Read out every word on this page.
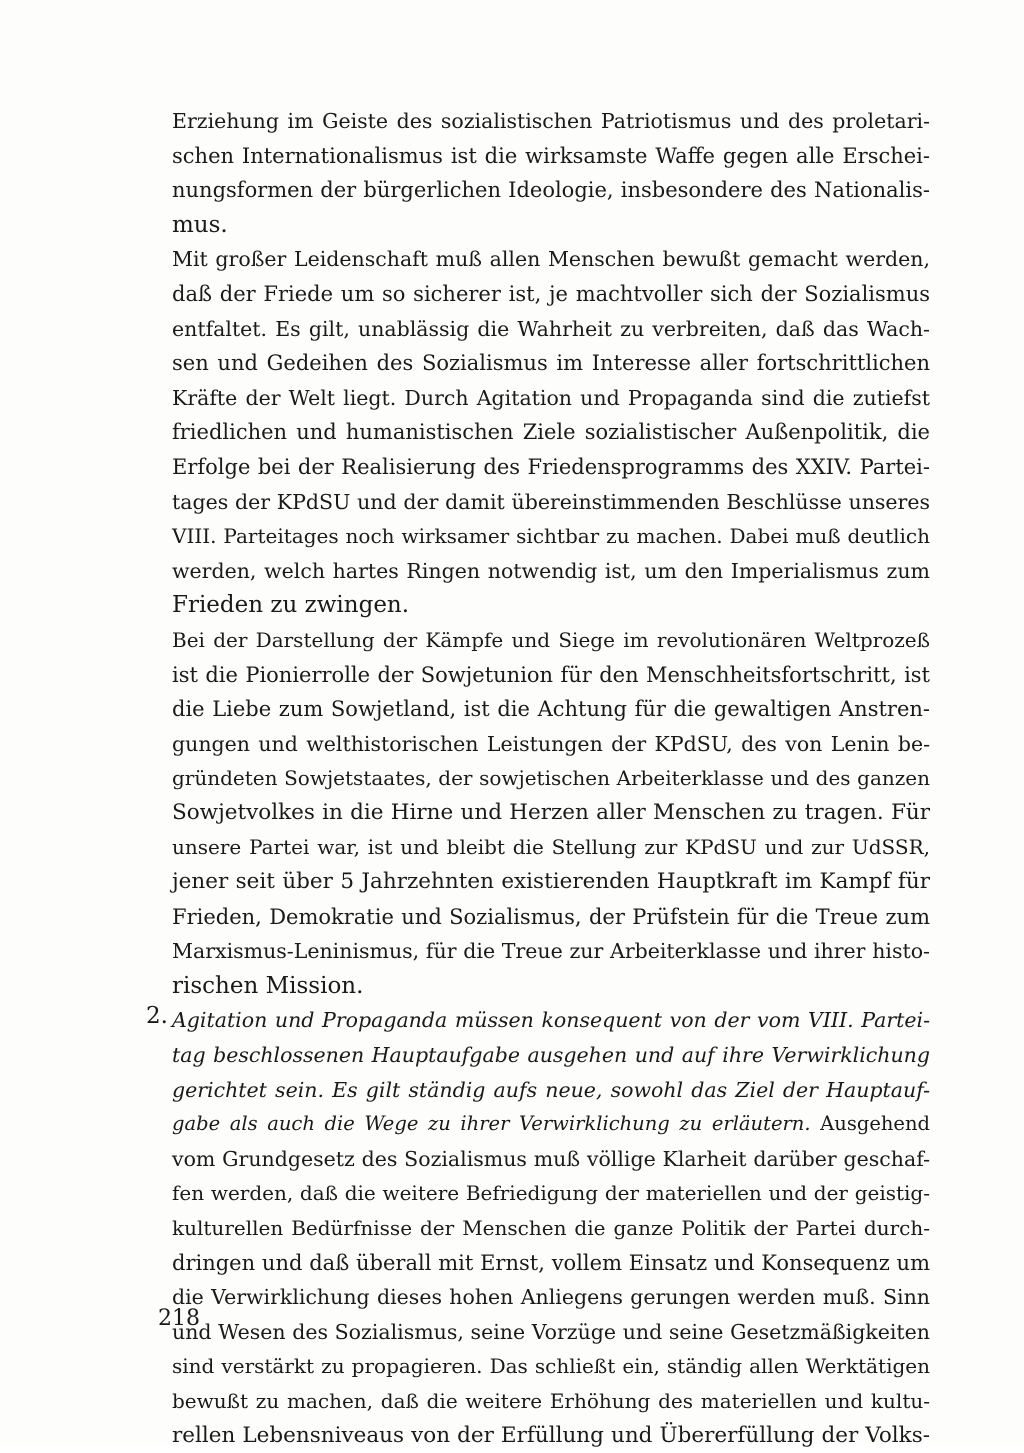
Erziehung im Geiste des sozialistischen Patriotismus und des proletari-
schen Internationalismus ist die wirksamste Waffe gegen alle Erschei-
nungsformen der bürgerlichen Ideologie, insbesondere des Nationalis-
mus.
Mit großer Leidenschaft muß allen Menschen bewußt gemacht werden,
daß der Friede um so sicherer ist, je machtvoller sich der Sozialismus
entfaltet. Es gilt, unablässig die Wahrheit zu verbreiten, daß das Wach-
sen und Gedeihen des Sozialismus im Interesse aller fortschrittlichen
Kräfte der Welt liegt. Durch Agitation und Propaganda sind die zutiefst
friedlichen und humanistischen Ziele sozialistischer Außenpolitik, die
Erfolge bei der Realisierung des Friedensprogramms des XXIV. Partei-
tages der KPdSU und der damit übereinstimmenden Beschlüsse unseres
VIII. Parteitages noch wirksamer sichtbar zu machen. Dabei muß deutlich
werden, welch hartes Ringen notwendig ist, um den Imperialismus zum
Frieden zu zwingen.
Bei der Darstellung der Kämpfe und Siege im revolutionären Weltprozeß
ist die Pionierrolle der Sowjetunion für den Menschheitsfortschritt, ist
die Liebe zum Sowjetland, ist die Achtung für die gewaltigen Anstren-
gungen und welthistorischen Leistungen der KPdSU, des von Lenin be-
gründeten Sowjetstaates, der sowjetischen Arbeiterklasse und des ganzen
Sowjetvolkes in die Hirne und Herzen aller Menschen zu tragen. Für
unsere Partei war, ist und bleibt die Stellung zur KPdSU und zur UdSSR,
jener seit über 5 Jahrzehnten existierenden Hauptkraft im Kampf für
Frieden, Demokratie und Sozialismus, der Prüfstein für die Treue zum
Marxismus-Leninismus, für die Treue zur Arbeiterklasse und ihrer histo-
rischen Mission.
2. Agitation und Propaganda müssen konsequent von der vom VIII. Partei-
tag beschlossenen Hauptaufgabe ausgehen und auf ihre Verwirklichung
gerichtet sein. Es gilt ständig aufs neue, sowohl das Ziel der Hauptauf-
gabe als auch die Wege zu ihrer Verwirklichung zu erläutern. Ausgehend
vom Grundgesetz des Sozialismus muß völlige Klarheit darüber geschaf-
fen werden, daß die weitere Befriedigung der materiellen und der geistig-
kulturellen Bedürfnisse der Menschen die ganze Politik der Partei durch-
dringen und daß überall mit Ernst, vollem Einsatz und Konsequenz um
die Verwirklichung dieses hohen Anliegens gerungen werden muß. Sinn
und Wesen des Sozialismus, seine Vorzüge und seine Gesetzmäßigkeiten
sind verstärkt zu propagieren. Das schließt ein, ständig allen Werktätigen
bewußt zu machen, daß die weitere Erhöhung des materiellen und kultu-
rellen Lebensniveaus von der Erfüllung und Übererfüllung der Volks-
218
